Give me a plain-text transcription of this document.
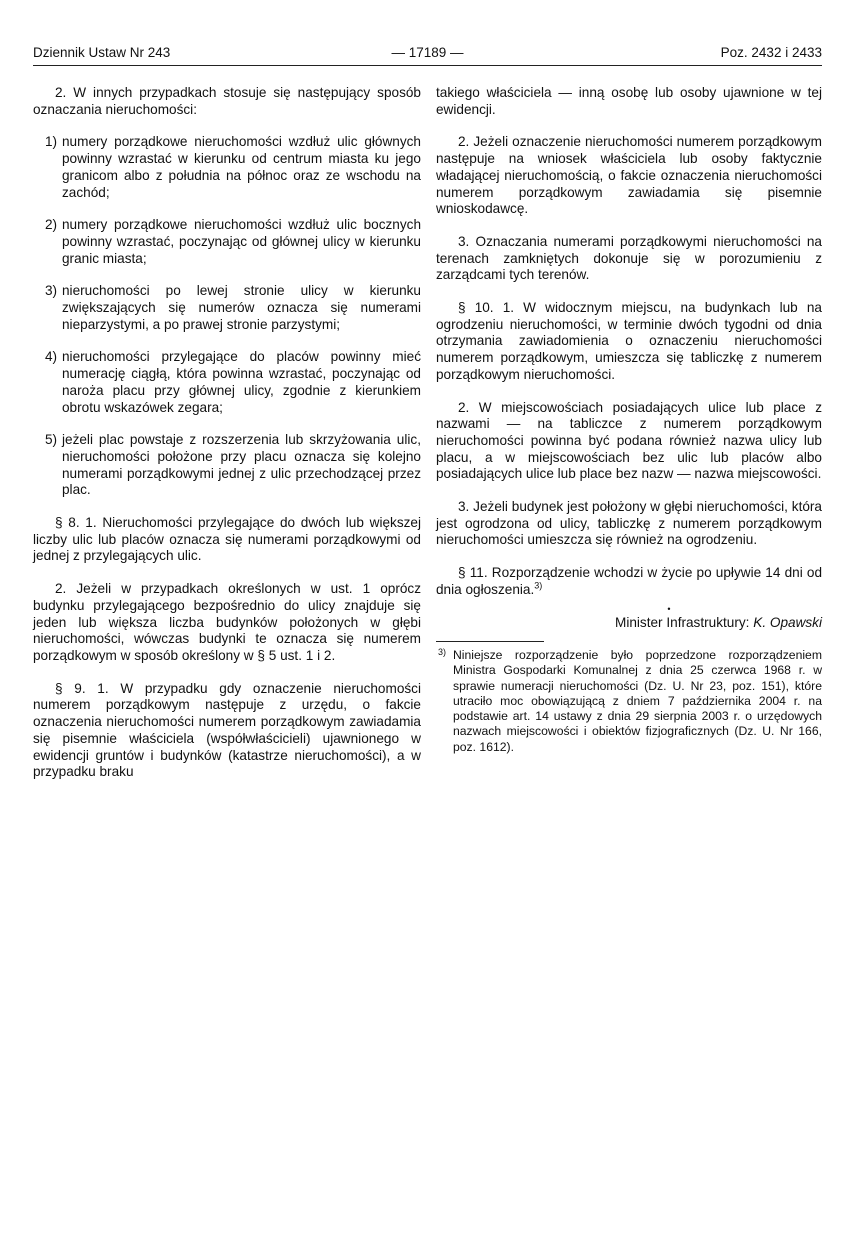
Dziennik Ustaw Nr 243	— 17189 —	Poz. 2432 i 2433

2. W innych przypadkach stosuje się następujący sposób oznaczania nieruchomości:

1) numery porządkowe nieruchomości wzdłuż ulic głównych powinny wzrastać w kierunku od centrum miasta ku jego granicom albo z południa na północ oraz ze wschodu na zachód;
2) numery porządkowe nieruchomości wzdłuż ulic bocznych powinny wzrastać, poczynając od głównej ulicy w kierunku granic miasta;
3) nieruchomości po lewej stronie ulicy w kierunku zwiększających się numerów oznacza się numerami nieparzystymi, a po prawej stronie parzystymi;
4) nieruchomości przylegające do placów powinny mieć numerację ciągłą, która powinna wzrastać, poczynając od naroża placu przy głównej ulicy, zgodnie z kierunkiem obrotu wskazówek zegara;
5) jeżeli plac powstaje z rozszerzenia lub skrzyżowania ulic, nieruchomości położone przy placu oznacza się kolejno numerami porządkowymi jednej z ulic przechodzącej przez plac.

§ 8. 1. Nieruchomości przylegające do dwóch lub większej liczby ulic lub placów oznacza się numerami porządkowymi od jednej z przylegających ulic.

2. Jeżeli w przypadkach określonych w ust. 1 oprócz budynku przylegającego bezpośrednio do ulicy znajduje się jeden lub większa liczba budynków położonych w głębi nieruchomości, wówczas budynki te oznacza się numerem porządkowym w sposób określony w § 5 ust. 1 i 2.

§ 9. 1. W przypadku gdy oznaczenie nieruchomości numerem porządkowym następuje z urzędu, o fakcie oznaczenia nieruchomości numerem porządkowym zawiadamia się pisemnie właściciela (współwłaścicieli) ujawnionego w ewidencji gruntów i budynków (katastrze nieruchomości), a w przypadku braku

takiego właściciela — inną osobę lub osoby ujawnione w tej ewidencji.

2. Jeżeli oznaczenie nieruchomości numerem porządkowym następuje na wniosek właściciela lub osoby faktycznie władającej nieruchomością, o fakcie oznaczenia nieruchomości numerem porządkowym zawiadamia się pisemnie wnioskodawcę.

3. Oznaczania numerami porządkowymi nieruchomości na terenach zamkniętych dokonuje się w porozumieniu z zarządcami tych terenów.

§ 10. 1. W widocznym miejscu, na budynkach lub na ogrodzeniu nieruchomości, w terminie dwóch tygodni od dnia otrzymania zawiadomienia o oznaczeniu nieruchomości numerem porządkowym, umieszcza się tabliczkę z numerem porządkowym nieruchomości.

2. W miejscowościach posiadających ulice lub place z nazwami — na tabliczce z numerem porządkowym nieruchomości powinna być podana również nazwa ulicy lub placu, a w miejscowościach bez ulic lub placów albo posiadających ulice lub place bez nazw — nazwa miejscowości.

3. Jeżeli budynek jest położony w głębi nieruchomości, która jest ogrodzona od ulicy, tabliczkę z numerem porządkowym nieruchomości umieszcza się również na ogrodzeniu.

§ 11. Rozporządzenie wchodzi w życie po upływie 14 dni od dnia ogłoszenia.$^{3)}$

•
Minister Infrastruktury: K. Opawski
3) Niniejsze rozporządzenie było poprzedzone rozporządzeniem Ministra Gospodarki Komunalnej z dnia 25 czerwca 1968 r. w sprawie numeracji nieruchomości (Dz. U. Nr 23, poz. 151), które utraciło moc obowiązującą z dniem 7 października 2004 r. na podstawie art. 14 ustawy z dnia 29 sierpnia 2003 r. o urzędowych nazwach miejscowości i obiektów fizjograficznych (Dz. U. Nr 166, poz. 1612).
